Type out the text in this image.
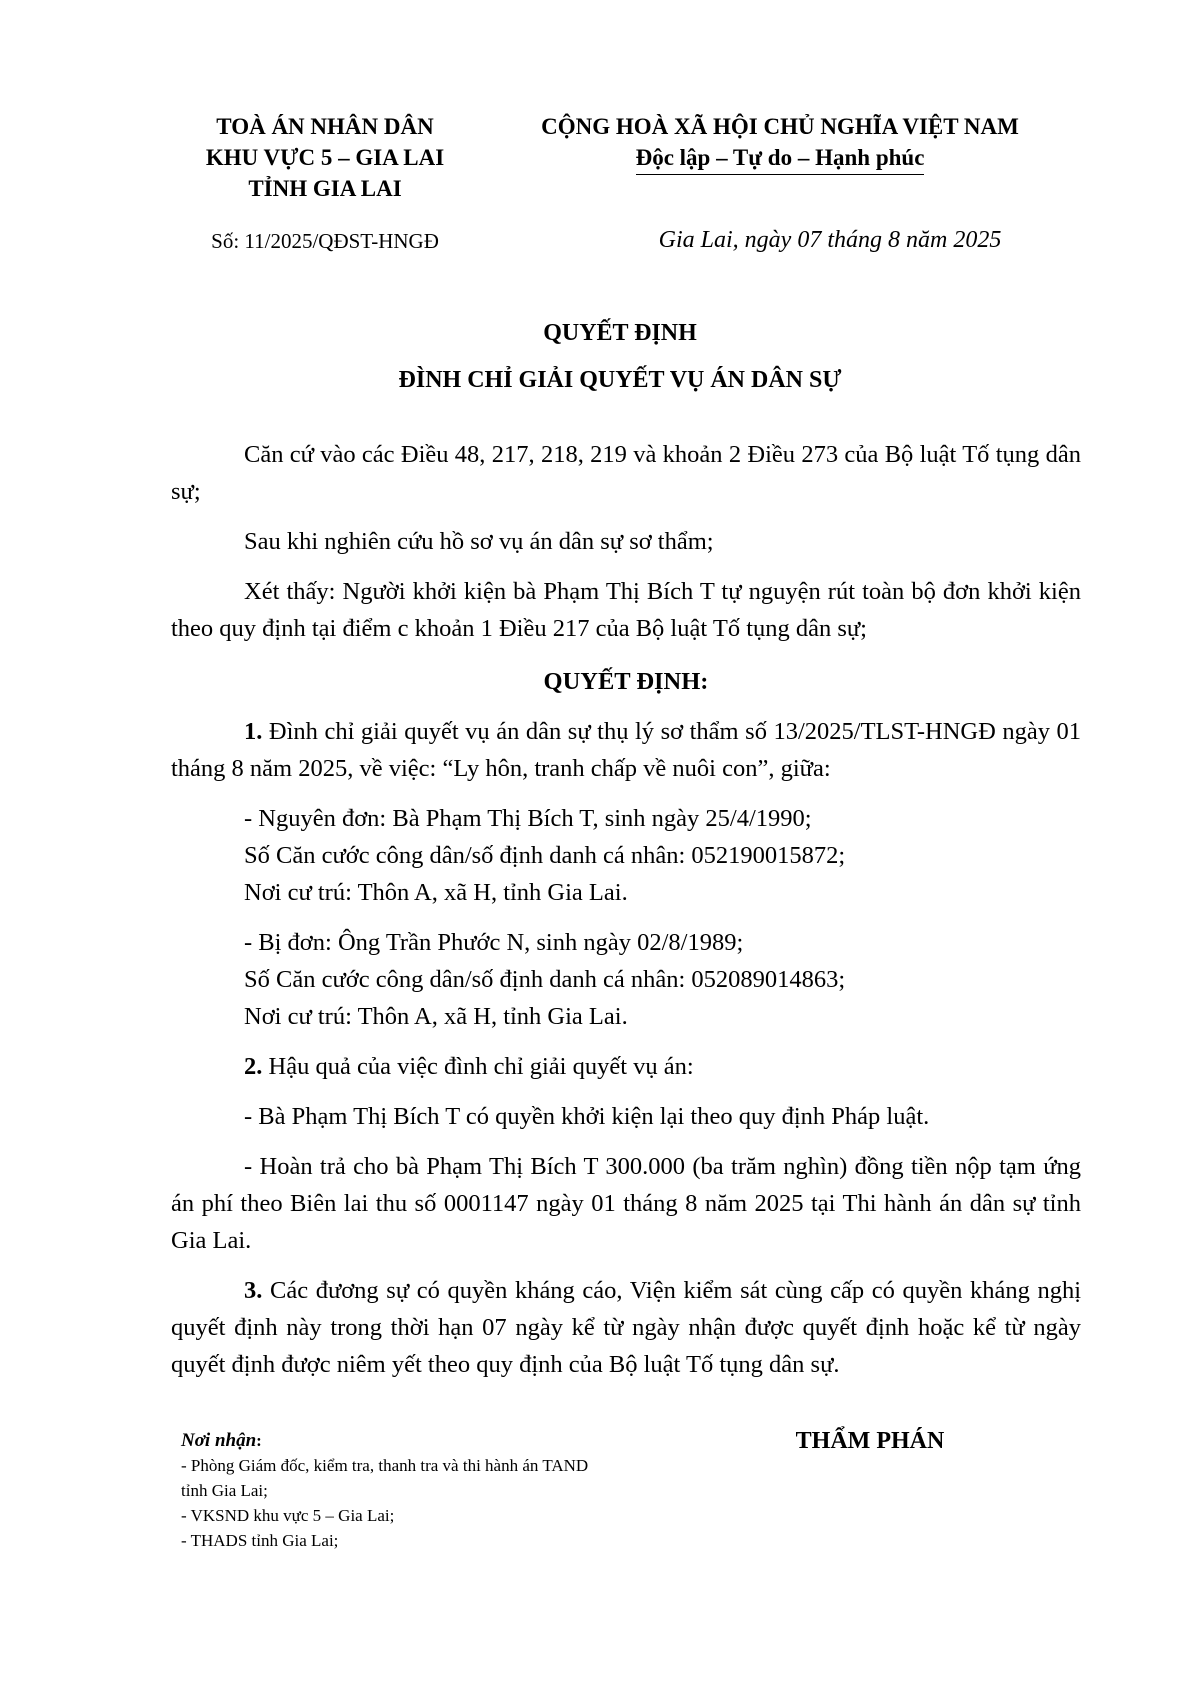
TOÀ ÁN NHÂN DÂN
KHU VỰC 5 – GIA LAI
TỈNH GIA LAI
CỘNG HOÀ XÃ HỘI CHỦ NGHĨA VIỆT NAM
Độc lập – Tự do – Hạnh phúc
Số: 11/2025/QĐST-HNGĐ	Gia Lai, ngày 07 tháng 8 năm 2025
QUYẾT ĐỊNH
ĐÌNH CHỈ GIẢI QUYẾT VỤ ÁN DÂN SỰ

Căn cứ vào các Điều 48, 217, 218, 219 và khoản 2 Điều 273 của Bộ luật Tố tụng dân sự;

Sau khi nghiên cứu hồ sơ vụ án dân sự sơ thẩm;

Xét thấy: Người khởi kiện bà Phạm Thị Bích T tự nguyện rút toàn bộ đơn khởi kiện theo quy định tại điểm c khoản 1 Điều 217 của Bộ luật Tố tụng dân sự;

QUYẾT ĐỊNH:

1. Đình chỉ giải quyết vụ án dân sự thụ lý sơ thẩm số 13/2025/TLST-HNGĐ ngày 01 tháng 8 năm 2025, về việc: “Ly hôn, tranh chấp về nuôi con”, giữa:

- Nguyên đơn: Bà Phạm Thị Bích T, sinh ngày 25/4/1990;
Số Căn cước công dân/số định danh cá nhân: 052190015872;
Nơi cư trú: Thôn A, xã H, tỉnh Gia Lai.
- Bị đơn: Ông Trần Phước N, sinh ngày 02/8/1989;
Số Căn cước công dân/số định danh cá nhân: 052089014863;
Nơi cư trú: Thôn A, xã H, tỉnh Gia Lai.

2. Hậu quả của việc đình chỉ giải quyết vụ án:

- Bà Phạm Thị Bích T có quyền khởi kiện lại theo quy định Pháp luật.

- Hoàn trả cho bà Phạm Thị Bích T 300.000 (ba trăm nghìn) đồng tiền nộp tạm ứng án phí theo Biên lai thu số 0001147 ngày 01 tháng 8 năm 2025 tại Thi hành án dân sự tỉnh Gia Lai.

3. Các đương sự có quyền kháng cáo, Viện kiểm sát cùng cấp có quyền kháng nghị quyết định này trong thời hạn 07 ngày kể từ ngày nhận được quyết định hoặc kể từ ngày quyết định được niêm yết theo quy định của Bộ luật Tố tụng dân sự.

Nơi nhận:
- Phòng Giám đốc, kiểm tra, thanh tra và thi hành án TAND tỉnh Gia Lai;
- VKSND khu vực 5 – Gia Lai;
- THADS tỉnh Gia Lai;
THẨM PHÁN
